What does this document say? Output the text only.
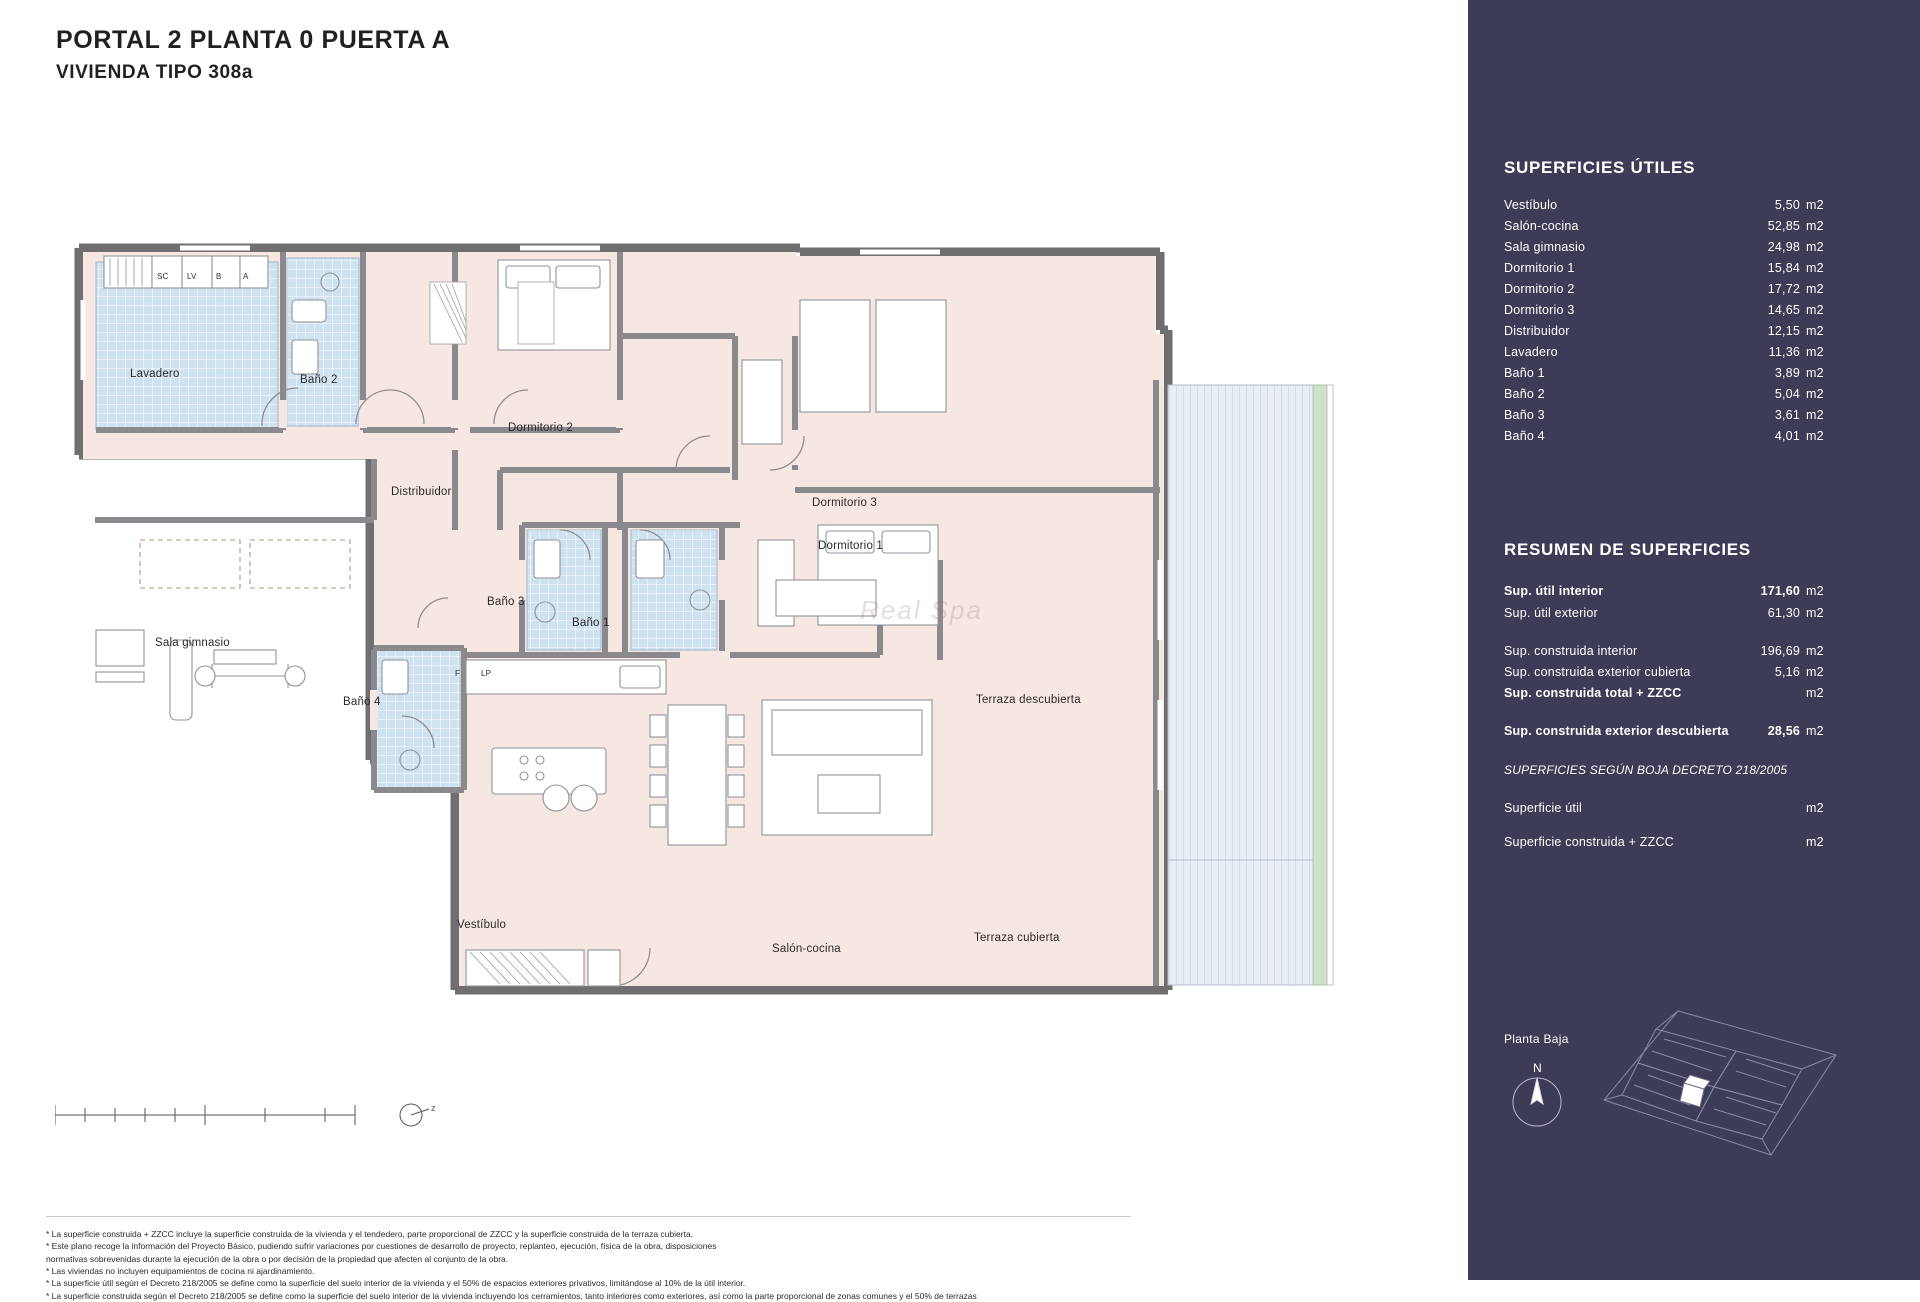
PORTAL 2 PLANTA 0 PUERTA A
VIVIENDA TIPO 308a
Lavadero	Baño 2
Dormitorio 2
Distribuidor
Dormitorio 3
Dormitorio 1
Baño 3
Baño 1
Sala gimnasio
Baño 4	Terraza descubierta
Salón-cocina
Terraza cubierta
Vestíbulo
SC LV B	A
F	LP
Real Spa
z
* La superficie construida + ZZCC incluye la superficie construida de la vivienda y el tendedero, parte proporcional de ZZCC y la superficie construida de la terraza cubierta.
* Este plano recoge la información del Proyecto Básico, pudiendo sufrir variaciones por cuestiones de desarrollo de proyecto, replanteo, ejecución, física de la obra, disposiciones
normativas sobrevenidas durante la ejecución de la obra o por decisión de la propiedad que afecten al conjunto de la obra.
* Las viviendas no incluyen equipamientos de cocina ni ajardinamiento.
* La superficie útil según el Decreto 218/2005 se define como la superficie del suelo interior de la vivienda y el 50% de espacios exteriores privativos, limitándose al 10% de la útil interior.
* La superficie construida según el Decreto 218/2005 se define como la superficie del suelo interior de la vivienda incluyendo los cerramientos, tanto interiores como exteriores, así como la parte proporcional de zonas comunes y el 50% de terrazas
SUPERFICIES ÚTILES
Vestíbulo	5,50 m2
Salón-cocina	52,85 m2
Sala gimnasio	24,98 m2
Dormitorio 1	15,84 m2
Dormitorio 2	17,72 m2
Dormitorio 3	14,65 m2
Distribuidor	12,15 m2
Lavadero	11,36 m2
Baño 1	3,89 m2
Baño 2	5,04 m2
Baño 3	3,61 m2
Baño 4	4,01 m2
RESUMEN DE SUPERFICIES
Sup. útil interior	171,60 m2
Sup. útil exterior	61,30 m2
Sup. construida interior	196,69 m2
Sup. construida exterior cubierta	5,16 m2
Sup. construida total + ZZCC	m2
Sup. construida exterior descubierta	28,56 m2
SUPERFICIES SEGÚN BOJA DECRETO 218/2005
Superficie útil	m2
Superficie construida + ZZCC	m2
Planta Baja
N
